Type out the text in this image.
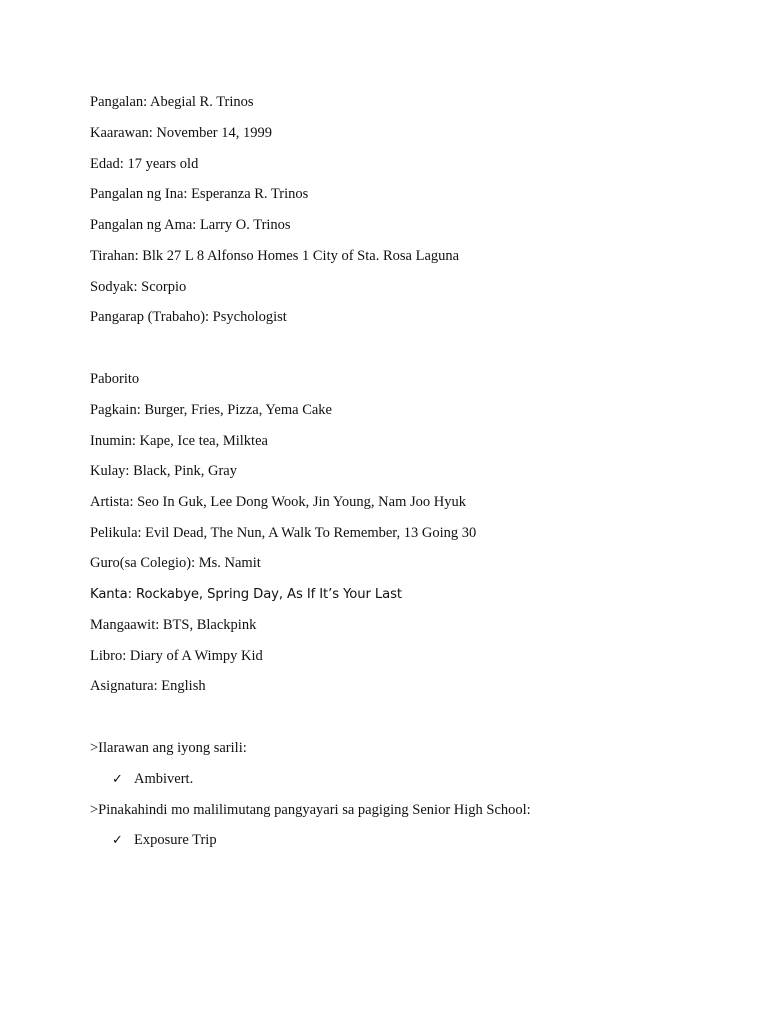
Pangalan: Abegial R. Trinos
Kaarawan: November 14, 1999
Edad: 17 years old
Pangalan ng Ina: Esperanza R. Trinos
Pangalan ng Ama: Larry O. Trinos
Tirahan: Blk 27 L 8 Alfonso Homes 1 City of Sta. Rosa Laguna
Sodyak: Scorpio
Pangarap (Trabaho): Psychologist
Paborito
Pagkain: Burger, Fries, Pizza, Yema Cake
Inumin: Kape, Ice tea, Milktea
Kulay: Black, Pink, Gray
Artista: Seo In Guk, Lee Dong Wook, Jin Young, Nam Joo Hyuk
Pelikula: Evil Dead, The Nun, A Walk To Remember, 13 Going 30
Guro(sa Colegio): Ms. Namit
Kanta: Rockabye, Spring Day, As If It’s Your Last
Mangaawit: BTS, Blackpink
Libro: Diary of A Wimpy Kid
Asignatura: English
>Ilarawan ang iyong sarili:
✓ Ambivert.
>Pinakahindi mo malilimutang pangyayari sa pagiging Senior High School:
✓ Exposure Trip
